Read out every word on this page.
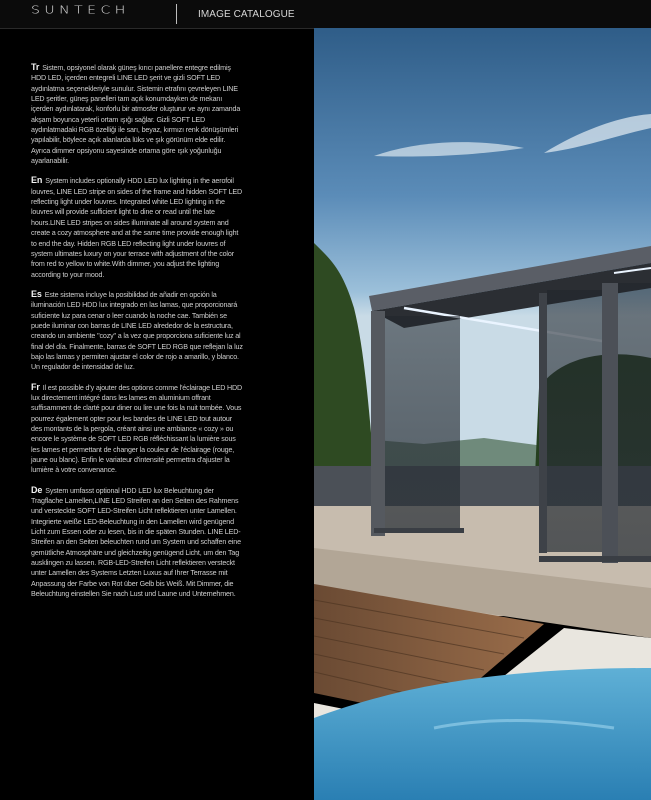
SUNTECH	IMAGE CATALOGUE

Tr Sistem, opsiyonel olarak güneş kırıcı panellere entegre edilmiş HDD LED, içerden entegreli LINE LED şerit ve gizli SOFT LED aydınlatma seçenekleriyle sunulur. Sistemin etrafını çevreleyen LINE LED şeritler, güneş panelleri tam açık konumdayken de mekanı içerden aydınlatarak, konforlu bir atmosfer oluşturur ve aynı zamanda akşam boyunca yeterli ortam ışığı sağlar. Gizli SOFT LED aydınlatmadaki RGB özelliği ile sarı, beyaz, kırmızı renk dönüşümleri yapılabilir, böylece açık alanlarda lüks ve şık görünüm elde edilir. Ayrıca dimmer opsiyonu sayesinde ortama göre ışık yoğunluğu ayarlanabilir.

En System includes optionally HDD LED lux lighting in the aerofoil louvres, LINE LED stripe on sides of the frame and hidden SOFT LED reflecting light under louvres. Integrated white LED lighting in the louvres will provide sufficient light to dine or read until the late hours.LINE LED stripes on sides illuminate all around system and create a cozy atmosphere and at the same time provide enough light to end the day. Hidden RGB LED reflecting light under louvres of system ultimates luxury on your terrace with adjustment of the color from red to yellow to white.With dimmer, you adjust the lighting according to your mood.

Es Este sistema incluye la posibilidad de añadir en opción la iluminación LED HDD lux integrado en las lamas, que proporcionará suficiente luz para cenar o leer cuando la noche cae. También se puede iluminar con barras de LINE LED alrededor de la estructura, creando un ambiente "cozy" a la vez que proporciona suficiente luz al final del día. Finalmente, barras de SOFT LED RGB que reflejan la luz bajo las lamas y permiten ajustar el color de rojo a amarillo, y blanco. Un regulador de intensidad de luz.

Fr Il est possible d'y ajouter des options comme l'éclairage LED HDD lux directement intégré dans les lames en aluminium offrant suffisamment de clarté pour diner ou lire une fois la nuit tombée. Vous pourrez également opter pour les bandes de LINE LED tout autour des montants de la pergola, créant ainsi une ambiance « cozy » ou encore le système de SOFT LED RGB réfléchissant la lumière sous les lames et permettant de changer la couleur de l'éclairage (rouge, jaune ou blanc). Enfin le variateur d'intensité permettra d'ajuster la lumière à votre convenance.

De System umfasst optional HDD LED lux Beleuchtung der Tragflache Lamellen,LINE LED Streifen an den Seiten des Rahmens und versteckte SOFT LED-Streifen Licht reflektieren unter Lamellen. Integrierte weiße LED-Beleuchtung in den Lamellen wird genügend Licht zum Essen oder zu lesen, bis in die späten Stunden. LINE LED-Streifen an den Seiten beleuchten rund um System und schaffen eine gemütliche Atmosphäre und gleichzeitig genügend Licht, um den Tag ausklingen zu lassen. RGB-LED-Streifen Licht reflektieren versteckt unter Lamellen des Systems Letzten Luxus auf Ihrer Terrasse mit Anpassung der Farbe von Rot über Gelb bis Weiß. Mit Dimmer, die Beleuchtung einstellen Sie nach Lust und Laune und Unternehmen.
